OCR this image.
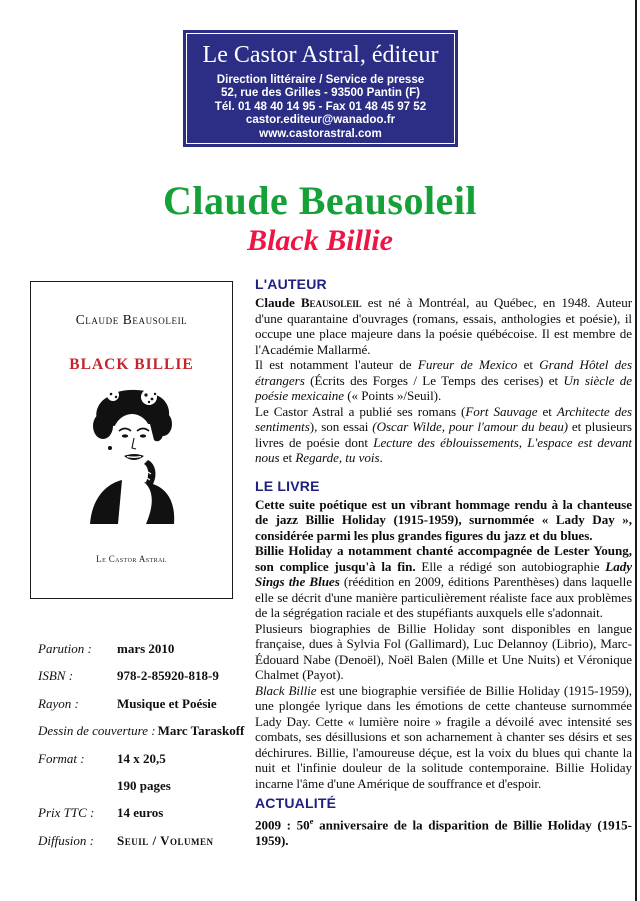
Le Castor Astral, éditeur
Direction littéraire / Service de presse
52, rue des Grilles - 93500 Pantin (F)
Tél. 01 48 40 14 95 - Fax 01 48 45 97 52
castor.editeur@wanadoo.fr
www.castorastral.com
Claude Beausoleil
Black Billie
Claude Beausoleil
BLACK BILLIE
Le Castor Astral
Parution :	mars 2010
ISBN :	978-2-85920-818-9
Rayon :	Musique et Poésie
Dessin de couverture : Marc Taraskoff
Format :	14 x 20,5
190 pages
Prix TTC :	14 euros
Diffusion :	Seuil / Volumen
L'AUTEUR

Claude Beausoleil est né à Montréal, au Québec, en 1948. Auteur d'une quarantaine d'ouvrages (romans, essais, anthologies et poésie), il occupe une place majeure dans la poésie québécoise. Il est membre de l'Académie Mallarmé.

Il est notamment l'auteur de Fureur de Mexico et Grand Hôtel des étrangers (Écrits des Forges / Le Temps des cerises) et Un siècle de poésie mexicaine (« Points »/Seuil).

Le Castor Astral a publié ses romans (Fort Sauvage et Architecte des sentiments), son essai (Oscar Wilde, pour l'amour du beau) et plusieurs livres de poésie dont Lecture des éblouissements, L'espace est devant nous et Regarde, tu vois.

LE LIVRE

Cette suite poétique est un vibrant hommage rendu à la chanteuse de jazz Billie Holiday (1915-1959), surnommée « Lady Day », considérée parmi les plus grandes figures du jazz et du blues.

Billie Holiday a notamment chanté accompagnée de Lester Young, son complice jusqu'à la fin. Elle a rédigé son autobiographie Lady Sings the Blues (réédition en 2009, éditions Parenthèses) dans laquelle elle se décrit d'une manière particulièrement réaliste face aux problèmes de la ségrégation raciale et des stupéfiants auxquels elle s'adonnait.

Plusieurs biographies de Billie Holiday sont disponibles en langue française, dues à Sylvia Fol (Gallimard), Luc Delannoy (Librio), Marc-Édouard Nabe (Denoël), Noël Balen (Mille et Une Nuits) et Véronique Chalmet (Payot).

Black Billie est une biographie versifiée de Billie Holiday (1915-1959), une plongée lyrique dans les émotions de cette chanteuse surnommée Lady Day. Cette « lumière noire » fragile a dévoilé avec intensité ses combats, ses désillusions et son acharnement à chanter ses désirs et ses déchirures. Billie, l'amoureuse déçue, est la voix du blues qui chante la nuit et l'infinie douleur de la solitude contemporaine. Billie Holiday incarne l'âme d'une Amérique de souffrance et d'espoir.

ACTUALITÉ

2009 : 50e anniversaire de la disparition de Billie Holiday (1915-1959).
